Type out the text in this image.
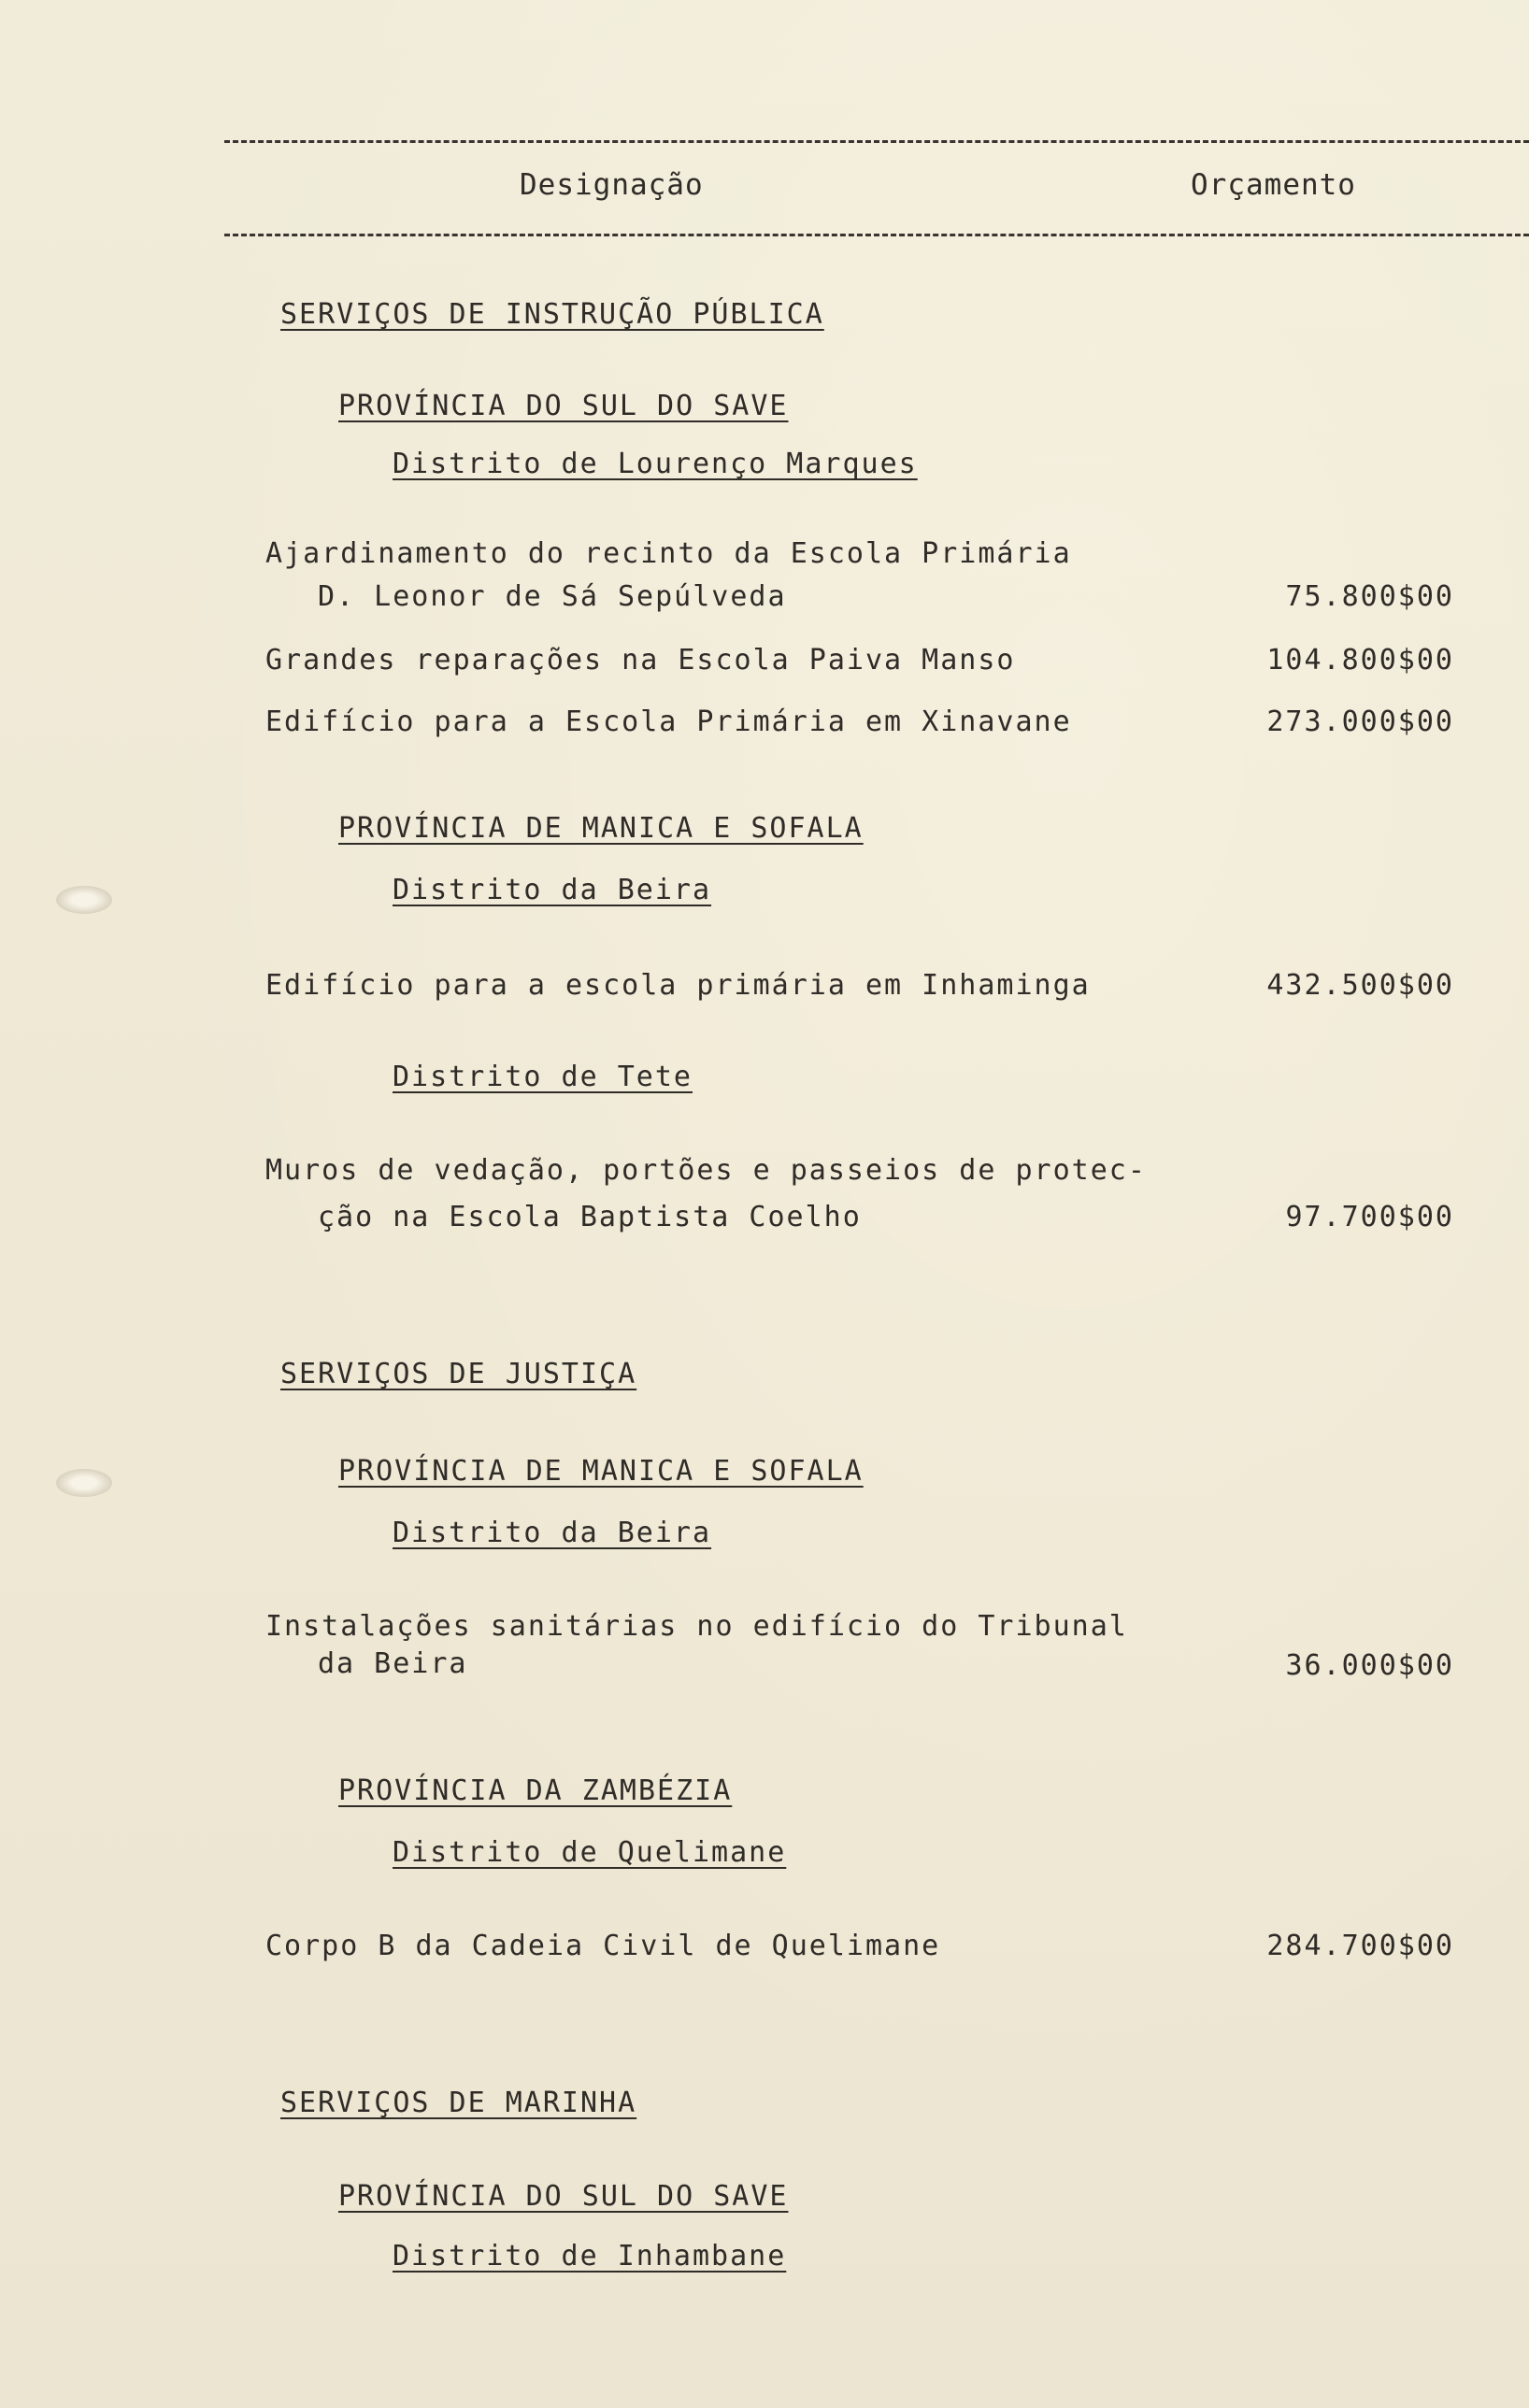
Designação	Orçamento
SERVIÇOS DE INSTRUÇÃO PÚBLICA
PROVÍNCIA DO SUL DO SAVE
Distrito de Lourenço Marques
Ajardinamento do recinto da Escola Primária
D. Leonor de Sá Sepúlveda	75.800$00
Grandes reparações na Escola Paiva Manso	104.800$00
Edifício para a Escola Primária em Xinavane	273.000$00
PROVÍNCIA DE MANICA E SOFALA
Distrito da Beira
Edifício para a escola primária em Inhaminga	432.500$00
Distrito de Tete
Muros de vedação, portões e passeios de protec-
ção na Escola Baptista Coelho	97.700$00
SERVIÇOS DE JUSTIÇA
PROVÍNCIA DE MANICA E SOFALA
Distrito da Beira
Instalações sanitárias no edifício do Tribunal
da Beira	36.000$00
PROVÍNCIA DA ZAMBÉZIA
Distrito de Quelimane
Corpo B da Cadeia Civil de Quelimane	284.700$00
SERVIÇOS DE MARINHA
PROVÍNCIA DO SUL DO SAVE
Distrito de Inhambane
